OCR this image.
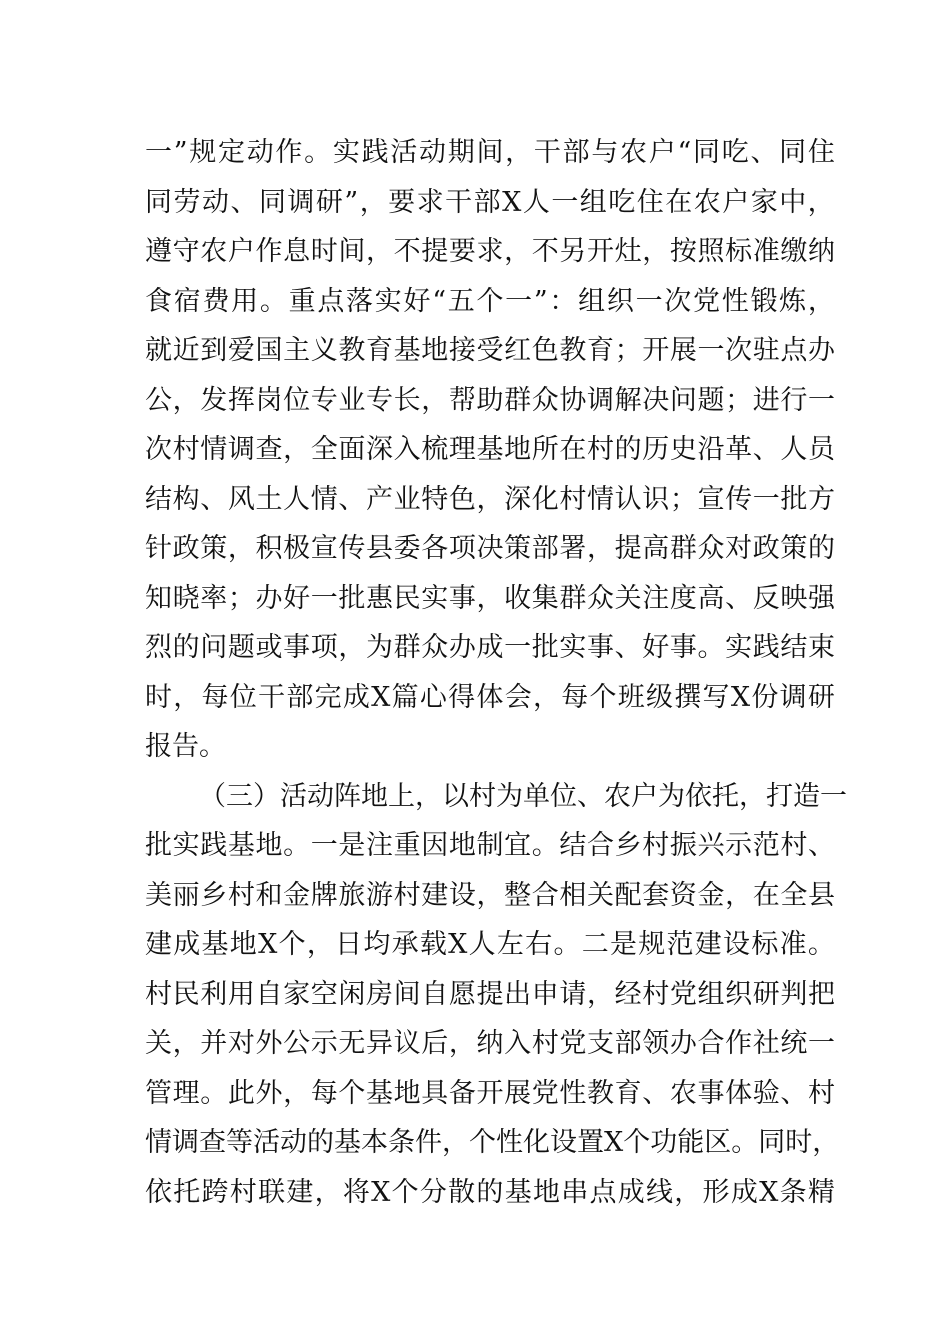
一 ” 规 定 动 作 。 实 践 活 动 期 间 ， 干 部 与 农 户 “ 同 吃 、 同 住
同 劳 动 、 同 调 研 ” ， 要 求 干 部 X 人 一 组 吃 住 在 农 户 家 中 ，
遵 守 农 户 作 息 时 间 ， 不 提 要 求 ， 不 另 开 灶 ， 按 照 标 准 缴 纳
食 宿 费 用 。 重 点 落 实 好 “ 五 个 一 ” ： 组 织 一 次 党 性 锻 炼 ，
就 近 到 爱 国 主 义 教 育 基 地 接 受 红 色 教 育 ； 开 展 一 次 驻 点 办
公 ， 发 挥 岗 位 专 业 专 长 ， 帮 助 群 众 协 调 解 决 问 题 ； 进 行 一
次 村 情 调 查 ， 全 面 深 入 梳 理 基 地 所 在 村 的 历 史 沿 革 、 人 员
结 构 、 风 土 人 情 、 产 业 特 色 ， 深 化 村 情 认 识 ； 宣 传 一 批 方
针 政 策 ， 积 极 宣 传 县 委 各 项 决 策 部 署 ， 提 高 群 众 对 政 策 的
知 晓 率 ； 办 好 一 批 惠 民 实 事 ， 收 集 群 众 关 注 度 高 、 反 映 强
烈 的 问 题 或 事 项 ， 为 群 众 办 成 一 批 实 事 、 好 事 。 实 践 结 束
时 ， 每 位 干 部 完 成 X 篇 心 得 体 会 ， 每 个 班 级 撰 写 X 份 调 研
报告。
（ 三 ） 活 动 阵 地 上 ， 以 村 为 单 位 、 农 户 为 依 托 ， 打 造 一
批 实 践 基 地 。 一 是 注 重 因 地 制 宜 。 结 合 乡 村 振 兴 示 范 村 、
美 丽 乡 村 和 金 牌 旅 游 村 建 设 ， 整 合 相 关 配 套 资 金 ， 在 全 县
建 成 基 地 X 个 ， 日 均 承 载 X 人 左 右 。 二 是 规 范 建 设 标 准 。
村 民 利 用 自 家 空 闲 房 间 自 愿 提 出 申 请 ， 经 村 党 组 织 研 判 把
关 ， 并 对 外 公 示 无 异 议 后 ， 纳 入 村 党 支 部 领 办 合 作 社 统 一
管 理 。 此 外 ， 每 个 基 地 具 备 开 展 党 性 教 育 、 农 事 体 验 、 村
情 调 查 等 活 动 的 基 本 条 件 ， 个 性 化 设 置 X 个 功 能 区 。 同 时 ，
依 托 跨 村 联 建 ， 将 X 个 分 散 的 基 地 串 点 成 线 ， 形 成 X 条 精
